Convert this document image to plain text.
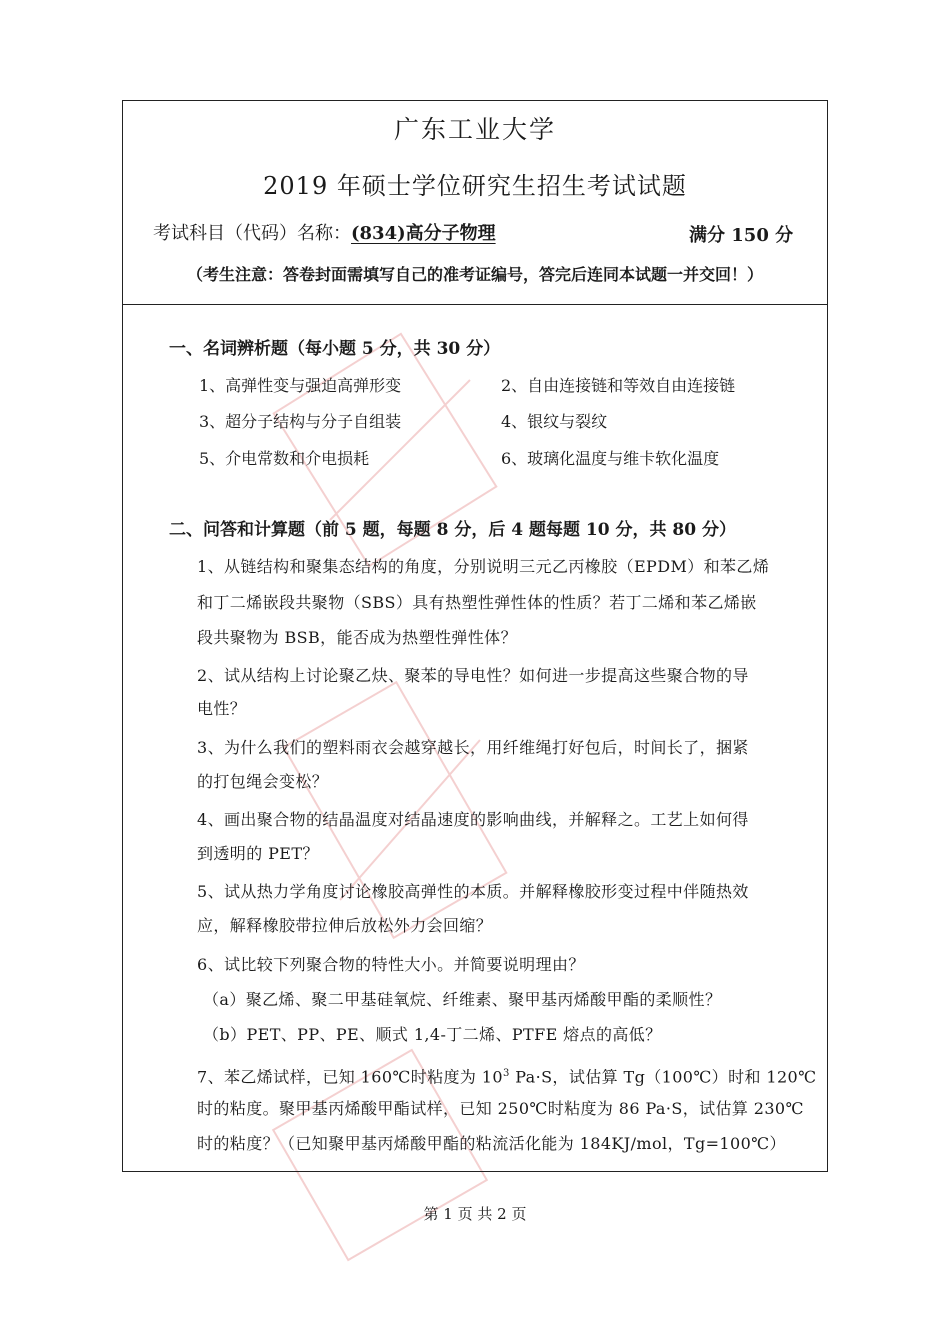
广东工业大学
2019 年硕士学位研究生招生考试试题
考试科目（代码）名称：(834)高分子物理	满分 150 分
（考生注意：答卷封面需填写自己的准考证编号，答完后连同本试题一并交回！）
一、名词辨析题（每小题 5 分，共 30 分）
1、高弹性变与强迫高弹形变	2、自由连接链和等效自由连接链
3、超分子结构与分子自组装	4、银纹与裂纹
5、介电常数和介电损耗	6、玻璃化温度与维卡软化温度
二、问答和计算题（前 5 题，每题 8 分，后 4 题每题 10 分，共 80 分）
1、从链结构和聚集态结构的角度，分别说明三元乙丙橡胶（EPDM）和苯乙烯
和丁二烯嵌段共聚物（SBS）具有热塑性弹性体的性质？若丁二烯和苯乙烯嵌
段共聚物为 BSB，能否成为热塑性弹性体？
2、试从结构上讨论聚乙炔、聚苯的导电性？如何进一步提高这些聚合物的导
电性？
3、为什么我们的塑料雨衣会越穿越长，用纤维绳打好包后，时间长了，捆紧
的打包绳会变松？
4、画出聚合物的结晶温度对结晶速度的影响曲线，并解释之。工艺上如何得
到透明的 PET？
5、试从热力学角度讨论橡胶高弹性的本质。并解释橡胶形变过程中伴随热效
应，解释橡胶带拉伸后放松外力会回缩？
6、试比较下列聚合物的特性大小。并简要说明理由？
（a）聚乙烯、聚二甲基硅氧烷、纤维素、聚甲基丙烯酸甲酯的柔顺性？
（b）PET、PP、PE、顺式 1,4-丁二烯、PTFE 熔点的高低？
7、苯乙烯试样，已知 160℃时粘度为 $10^3$ Pa·S，试估算 Tg（100℃）时和 120℃
时的粘度。聚甲基丙烯酸甲酯试样，已知 250℃时粘度为 86 Pa·S，试估算 230℃
时的粘度？（已知聚甲基丙烯酸甲酯的粘流活化能为 184KJ/mol，Tg=100℃）
第 1 页 共 2 页
